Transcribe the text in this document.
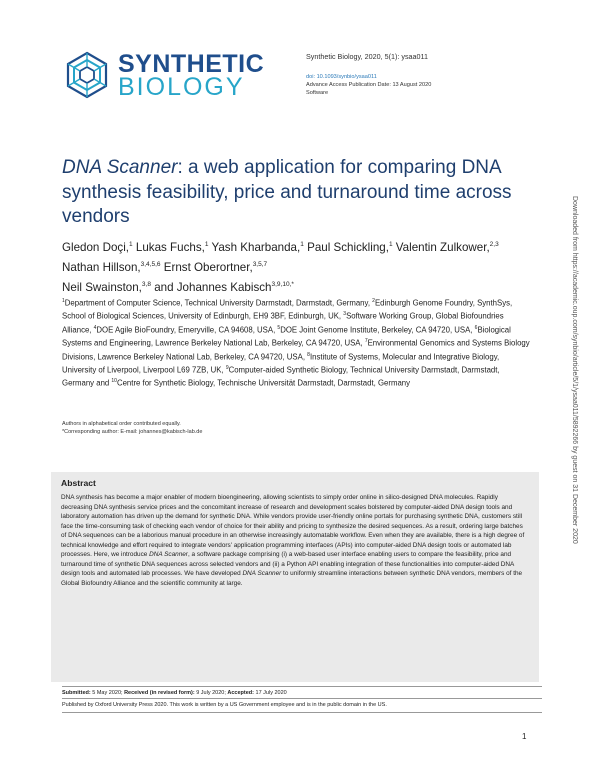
SYNTHETIC
BIOLOGY
Synthetic Biology, 2020, 5(1): ysaa011
doi: 10.1093/synbio/ysaa011
Advance Access Publication Date: 13 August 2020
Software
DNA Scanner: a web application for comparing DNA synthesis feasibility, price and turnaround time across vendors
Gledon Doçi,$^1$ Lukas Fuchs,$^1$ Yash Kharbanda,$^1$ Paul Schickling,$^1$ Valentin Zulkower,$^{2,3}$ Nathan Hillson,$^{3,4,5,6}$ Ernst Oberortner,$^{3,5,7}$
Neil Swainston,$^{3,8}$ and Johannes Kabisch$^{3,9,10,*}$
$^1$Department of Computer Science, Technical University Darmstadt, Darmstadt, Germany, $^2$Edinburgh Genome Foundry, SynthSys, School of Biological Sciences, University of Edinburgh, EH9 3BF, Edinburgh, UK, $^3$Software Working Group, Global Biofoundries Alliance, $^4$DOE Agile BioFoundry, Emeryville, CA 94608, USA, $^5$DOE Joint Genome Institute, Berkeley, CA 94720, USA, $^6$Biological Systems and Engineering, Lawrence Berkeley National Lab, Berkeley, CA 94720, USA, $^7$Environmental Genomics and Systems Biology Divisions, Lawrence Berkeley National Lab, Berkeley, CA 94720, USA, $^8$Institute of Systems, Molecular and Integrative Biology, University of Liverpool, Liverpool L69 7ZB, UK, $^9$Computer-aided Synthetic Biology, Technical University Darmstadt, Darmstadt, Germany and $^{10}$Centre for Synthetic Biology, Technische Universität Darmstadt, Darmstadt, Germany
Authors in alphabetical order contributed equally.
*Corresponding author: E-mail: johannes@kabisch-lab.de
Abstract
DNA synthesis has become a major enabler of modern bioengineering, allowing scientists to simply order online in silico-designed DNA molecules. Rapidly decreasing DNA synthesis service prices and the concomitant increase of research and development scales bolstered by computer-aided DNA design tools and laboratory automation has driven up the demand for synthetic DNA. While vendors provide user-friendly online portals for purchasing synthetic DNA, customers still face the time-consuming task of checking each vendor of choice for their ability and pricing to synthesize the desired sequences. As a result, ordering large batches of DNA sequences can be a laborious manual procedure in an otherwise increasingly automatable workflow. Even when they are available, there is a high degree of technical knowledge and effort required to integrate vendors' application programming interfaces (APIs) into computer-aided DNA design tools or automated lab processes. Here, we introduce DNA Scanner, a software package comprising (i) a web-based user interface enabling users to compare the feasibility, price and turnaround time of synthetic DNA sequences across selected vendors and (ii) a Python API enabling integration of these functionalities into computer-aided DNA design tools and automated lab processes. We have developed DNA Scanner to uniformly streamline interactions between synthetic DNA vendors, members of the Global Biofoundry Alliance and the scientific community at large.
Submitted: 5 May 2020; Received (in revised form): 9 July 2020; Accepted: 17 July 2020
Published by Oxford University Press 2020. This work is written by a US Government employee and is in the public domain in the US.
1
Downloaded from https://academic.oup.com/synbio/article/5/1/ysaa011/5892266 by guest on 31 December 2020
